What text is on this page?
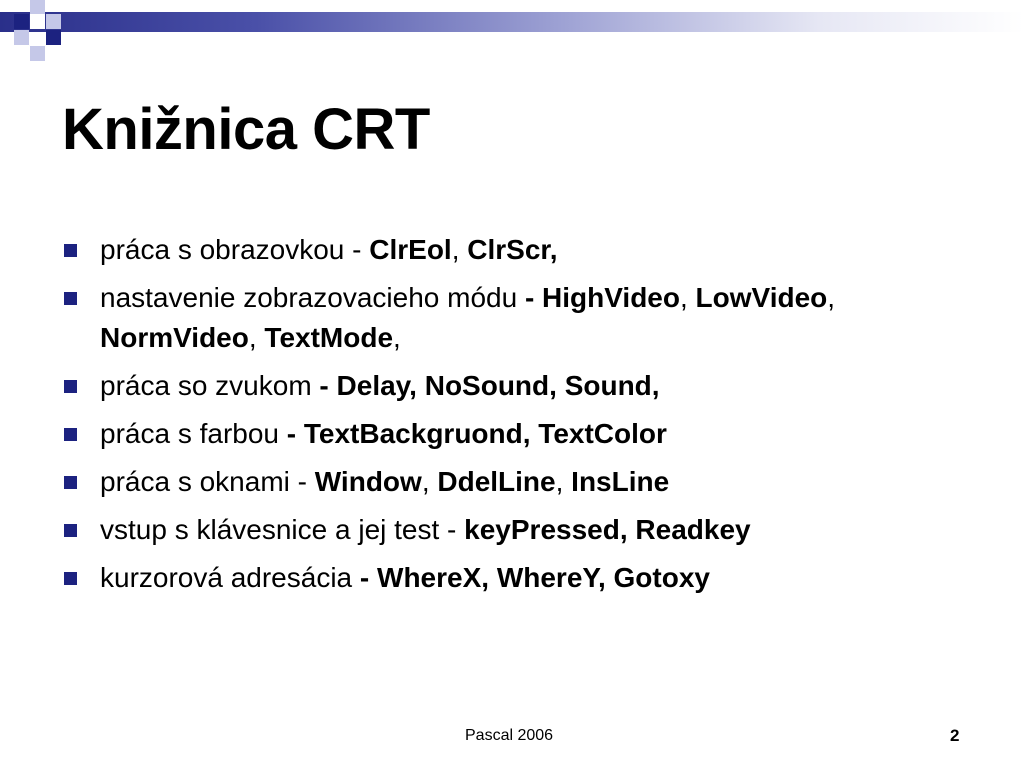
Knižnica CRT
práca s obrazovkou - ClrEol, ClrScr,
nastavenie zobrazovacieho módu - HighVideo, LowVideo, NormVideo, TextMode,
práca so zvukom - Delay, NoSound, Sound,
práca s farbou - TextBackgruond, TextColor
práca s oknami - Window, DdelLine, InsLine
vstup s klávesnice a jej test - keyPressed, Readkey
kurzorová adresácia - WhereX, WhereY, Gotoxy
Pascal 2006	2
